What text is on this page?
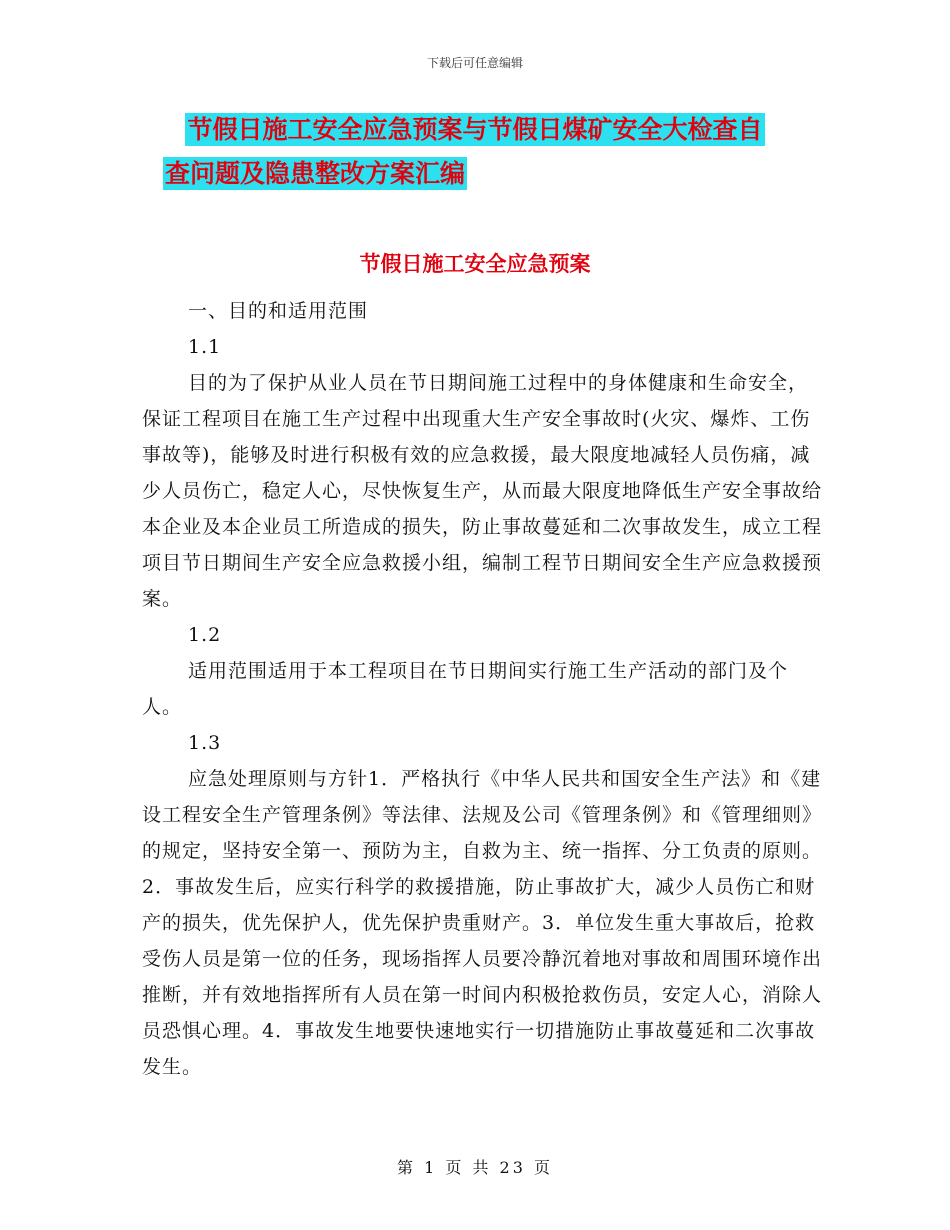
下载后可任意编辑
节假日施工安全应急预案与节假日煤矿安全大检查自
查问题及隐患整改方案汇编
节假日施工安全应急预案

一、目的和适用范围

1.1

目的为了保护从业人员在节日期间施工过程中的身体健康和生命安全，保证工程项目在施工生产过程中出现重大生产安全事故时(火灾、爆炸、工伤事故等)，能够及时进行积极有效的应急救援，最大限度地减轻人员伤痛，减少人员伤亡，稳定人心，尽快恢复生产，从而最大限度地降低生产安全事故给本企业及本企业员工所造成的损失，防止事故蔓延和二次事故发生，成立工程项目节日期间生产安全应急救援小组，编制工程节日期间安全生产应急救援预案。

1.2

适用范围适用于本工程项目在节日期间实行施工生产活动的部门及个人。

1.3

应急处理原则与方针1．严格执行《中华人民共和国安全生产法》和《建设工程安全生产管理条例》等法律、法规及公司《管理条例》和《管理细则》的规定，坚持安全第一、预防为主，自救为主、统一指挥、分工负责的原则。2．事故发生后，应实行科学的救援措施，防止事故扩大，减少人员伤亡和财产的损失，优先保护人，优先保护贵重财产。3．单位发生重大事故后，抢救受伤人员是第一位的任务，现场指挥人员要冷静沉着地对事故和周围环境作出推断，并有效地指挥所有人员在第一时间内积极抢救伤员，安定人心，消除人员恐惧心理。4．事故发生地要快速地实行一切措施防止事故蔓延和二次事故发生。

第 1 页 共 23 页
